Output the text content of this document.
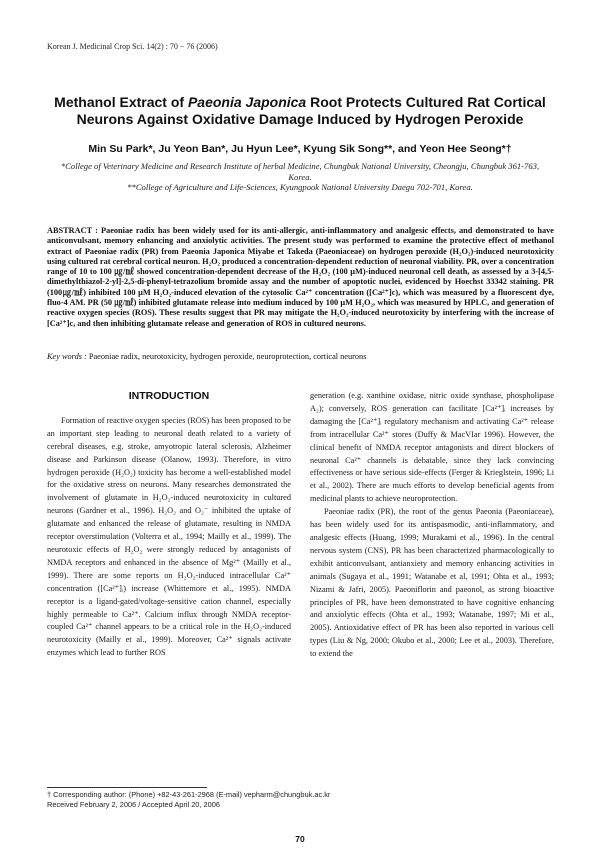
Korean J. Medicinal Crop Sci. 14(2) : 70 − 76 (2006)
Methanol Extract of Paeonia Japonica Root Protects Cultured Rat Cortical Neurons Against Oxidative Damage Induced by Hydrogen Peroxide
Min Su Park*, Ju Yeon Ban*, Ju Hyun Lee*, Kyung Sik Song**, and Yeon Hee Seong*†
*College of Veterinary Medicine and Research Institute of herbal Medicine, Chungbuk National University, Cheongju, Chungbuk 361-763, Korea.
**College of Agriculture and Life-Sciences, Kyungpook National University Daegu 702-701, Korea.
ABSTRACT : Paeoniae radix has been widely used for its anti-allergic, anti-inflammatory and analgesic effects, and demonstrated to have anticonvulsant, memory enhancing and anxiolytic activities. The present study was performed to examine the protective effect of methanol extract of Paeoniae radix (PR) from Paeonia Japonica Miyabe et Takeda (Paeoniaceae) on hydrogen peroxide (H₂O₂)-induced neurotoxicity using cultured rat cerebral cortical neuron. H₂O₂ produced a concentration-dependent reduction of neuronal viability. PR, over a concentration range of 10 to 100 ㎍/㎖ showed concentration-dependent decrease of the H₂O₂ (100 μM)-induced neuronal cell death, as assessed by a 3-[4,5-dimethylthiazol-2-yl]-2,5-di-phenyl-tetrazolium bromide assay and the number of apoptotic nuclei, evidenced by Hoechst 33342 staining. PR (100㎍/㎖) inhibited 100 μM H₂O₂-induced elevation of the cytosolic Ca²⁺ concentration ([Ca²⁺]c), which was measured by a fluorescent dye, fluo-4 AM. PR (50 ㎍/㎖) inhibited glutamate release into medium induced by 100 μM H₂O₂, which was measured by HPLC, and generation of reactive oxygen species (ROS). These results suggest that PR may mitigate the H₂O₂-induced neurotoxicity by interfering with the increase of [Ca²⁺]c, and then inhibiting glutamate release and generation of ROS in cultured neurons.
Key words : Paeoniae radix, neurotoxicity, hydrogen peroxide, neuroprotection, cortical neurons
INTRODUCTION

Formation of reactive oxygen species (ROS) has been proposed to be an important step leading to neuronal death related to a variety of cerebral diseases, e.g. stroke, amyotropic lateral sclerosis, Alzheimer disease and Parkinson disease (Olanow, 1993). Therefore, in vitro hydrogen peroxide (H₂O₂) toxicity has become a well-established model for the oxidative stress on neurons. Many researches demonstrated the involvement of glutamate in H₂O₂-induced neurotoxicity in cultured neurons (Gardner et al., 1996). H₂O₂ and O₂⁻ inhibited the uptake of glutamate and enhanced the release of glutamate, resulting in NMDA receptor overstimulation (Volterra et al., 1994; Mailly et al., 1999). The neurotoxic effects of H₂O₂ were strongly reduced by antagonists of NMDA receptors and enhanced in the absence of Mg²⁺ (Mailly et al., 1999). There are some reports on H₂O₂-induced intracellular Ca²⁺ concentration ([Ca²⁺]ᵢ) increase (Whittemore et al., 1995). NMDA receptor is a ligand-gated/voltage-sensitive cation channel, especially highly permeable to Ca²⁺. Calcium influx through NMDA receptor-coupled Ca²⁺ channel appears to be a critical role in the H₂O₂-induced neurotoxicity (Mailly et al., 1999). Moreover, Ca²⁺ signals activate enzymes which lead to further ROS

generation (e.g. xanthine oxidase, nitric oxide synthase, phospholipase A₂); conversely, ROS generation can facilitate [Ca²⁺]ᵢ increases by damaging the [Ca²⁺]ᵢ regulatory mechanism and activating Ca²⁺ release from intracellular Ca²⁺ stores (Duffy & MacVIar 1996). However, the clinical benefit of NMDA receptor antagonists and direct blockers of neuronal Ca²⁺ channels is debatable, since they lack convincing effectiveness or have serious side-effects (Ferger & Krieglstein, 1996; Li et al., 2002). There are much efforts to develop beneficial agents from medicinal plants to achieve neuroprotection.

Paeoniae radix (PR), the root of the genus Paeonia (Paeoniaceae), has been widely used for its antispasmodic, anti-inflammatory, and analgesic effects (Huang, 1999; Murakami et al., 1996). In the central nervous system (CNS), PR has been characterized pharmacologically to exhibit anticonvulsant, antianxiety and memory enhancing activities in animals (Sugaya et al., 1991; Watanabe et al, 1991; Ohta et al., 1993; Nizami & Jafri, 2005). Paeoniflorin and paeonol, as strong bioactive principles of PR, have been demonstrated to have cognitive enhancing and anxiolytic effects (Ohta et al., 1993; Watanabe, 1997; Mi et al., 2005). Antioxidative effect of PR has been also reported in various cell types (Liu & Ng, 2000; Okubo et al., 2000; Lee et al., 2003). Therefore, to extend the

† Corresponding author: (Phone) +82-43-261-2968 (E-mail) vepharm@chungbuk.ac.kr
Received February 2, 2006 / Accepted April 20, 2006
70
